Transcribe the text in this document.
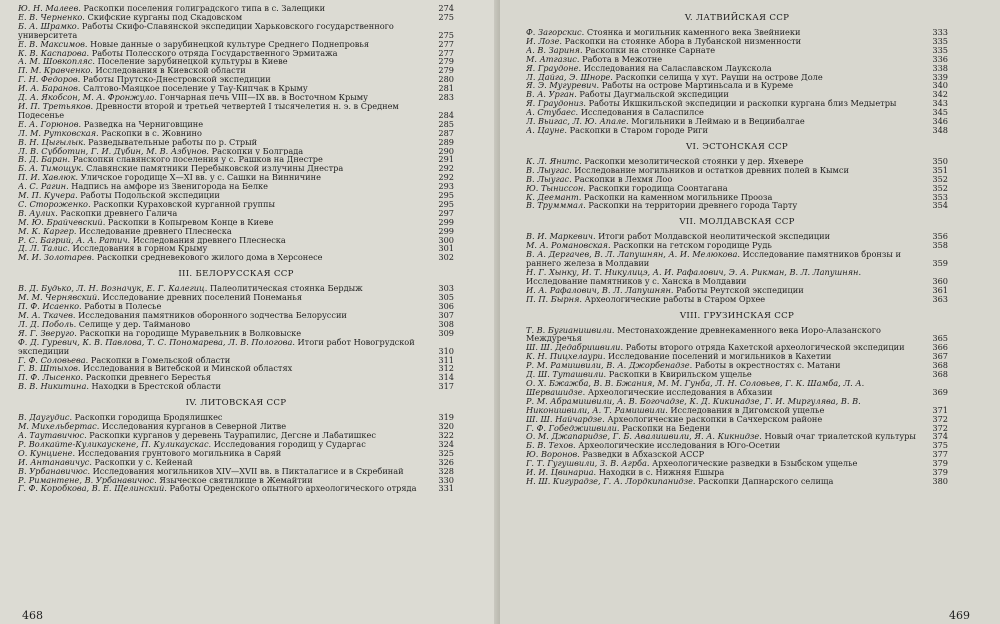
Ю. Н. Малеев. Раскопки поселения голиградского типа в с. Залещики	274
Е. В. Черненко. Скифские курганы под Скадовском	275
Б. А. Шрамко. Работы Скифо-Славянской экспедиции Харьковского государственного университета	275
Е. В. Максимов. Новые данные о зарубинецкой культуре Среднего Поднепровья	277
К. В. Каспарова. Работы Полесского отряда Государственного Эрмитажа	277
А. М. Шовкопляс. Поселение зарубинецкой культуры в Киеве	279
П. М. Кравченко. Исследования в Киевской области	279
Г. Н. Федоров. Работы Прутско-Днестровской экспедиции	280
И. А. Баранов. Салтово-Маяцкое поселение у Тау-Кипчак в Крыму	281
Д. А. Якобсон, М. А. Фронжуло. Гончарная печь VIII—IX вв. в Восточном Крыму	283
И. П. Третьяков. Древности второй и третьей четвертей I тысячелетия н. э. в Среднем Подесенье	284
Е. А. Горюнов. Разведка на Черниговщине	285
Л. М. Рутковская. Раскопки в с. Жовнино	287
В. Н. Цыгылык. Разведывательные работы по р. Стрый	289
Л. В. Субботин, Г. И. Дубин, М. В. Азбунов. Раскопки у Болграда	290
В. Д. Баран. Раскопки славянского поселения у с. Рашков на Днестре	291
Б. А. Тимощук. Славянские памятники Перебыковской излучины Днестра	292
П. И. Хавлюк. Уличское городище X—XI вв. у с. Сашки на Винничине	292
А. С. Рагин. Надпись на амфоре из Звенигорода на Белке	293
М. П. Кучера. Работы Подольской экспедиции	295
С. Стороженко. Раскопки Кураховской курганной группы	295
В. Аулих. Раскопки древнего Галича	297
М. Ю. Брайчевский. Раскопки в Копыревом Конце в Киеве	299
М. К. Каргер. Исследование древнего Плеснеска	299
Р. С. Багрий, А. А. Ратич. Исследования древнего Плеснеска	300
Д. Л. Талис. Исследования в горном Крыму	301
М. И. Золотарев. Раскопки средневекового жилого дома в Херсонесе	302
III. БЕЛОРУССКАЯ ССР
В. Д. Будько, Л. Н. Возначук, Е. Г. Калегиц. Палеолитическая стоянка Бердыж	303
М. М. Чернявский. Исследование древних поселений Понеманья	305
П. Ф. Исаенко. Работы в Полесье	306
М. А. Ткачев. Исследования памятников оборонного зодчества Белоруссии	307
Л. Д. Поболь. Селище у дер. Тайманово	308
Я. Г. Зверуго. Раскопки на городище Муравельник в Волковыске	309
Ф. Д. Гуревич, К. В. Павлова, Т. С. Пономарева, Л. В. Пологова. Итоги работ Новогрудской экспедиции	310
Г. Ф. Соловьева. Раскопки в Гомельской области	311
Г. В. Штыхов. Исследования в Витебской и Минской областях	312
П. Ф. Лысенко. Раскопки древнего Берестья	314
В. В. Никитина. Находки в Брестской области	317
IV. ЛИТОВСКАЯ ССР
В. Даугудис. Раскопки городища Бродялишкес	319
М. Михельбертас. Исследования курганов в Северной Литве	320
А. Таутавичюс. Раскопки курганов у деревень Таурапилис, Дегсне и Лабатишкес	322
Р. Волкайте-Куликаускене, П. Куликаускас. Исследования городищ у Сударгас	324
О. Кунциене. Исследования грунтового могильника в Саряй	325
И. Антанавичус. Раскопки у с. Кейенай	326
В. Урбанавичюс. Исследования могильников XIV—XVII вв. в Пикталагисе и в Скребинай	328
Р. Римантене, В. Урбанавичюс. Языческое святилище в Жемайтии	330
Г. Ф. Коробкова, В. Е. Щелинский. Работы Ореденского опытного археологического отряда	331
468
V. ЛАТВИЙСКАЯ ССР
Ф. Загорскис. Стоянка и могильник каменного века Звейниеки	333
И. Лозе. Раскопки на стоянке Абора в Лубанской низменности	335
А. В. Зариня. Раскопки на стоянке Сарнате	335
М. Атгазис. Работа в Межотне	336
Я. Граудоне. Исследования на Салаславском Лаукскола	338
Л. Дайга, Э. Шноре. Раскопки селища у хут. Рауши на острове Доле	339
Я. Э. Мугуревич. Работы на острове Мартиньсала и в Куреме	340
В. А. Урган. Работы Даугмальской экспедиции	342
Я. Граудониз. Работы Икшкильской экспедиции и раскопки кургана близ Медыетры	343
А. Стубаес. Исследования в Саласпилсе	345
Л. Вьигас, Л. Ю. Апале. Могильники в Леймаю и в Вециибалгае	346
А. Цауне. Раскопки в Старом городе Риги	348
VI. ЭСТОНСКАЯ ССР
К. Л. Янитс. Раскопки мезолитической стоянки у дер. Яхеверe	350
В. Лыугас. Исследование могильников и остатков древних полей в Кымси	351
В. Лыугас. Раскопки в Лехмя Лоо	352
Ю. Тыниссон. Раскопки городища Соонтагана	352
К. Деемант. Раскопки на каменном могильнике Прооза	353
В. Трумммал. Раскопки на территории древнего города Тарту	354
VII. МОЛДАВСКАЯ ССР
В. И. Маркевич. Итоги работ Молдавской неолитической экспедиции	356
М. А. Романовская. Раскопки на гетском городище Рудь	358
В. А. Дергачев, В. Л. Лапушнян, А. И. Мелюкова. Исследование памятников бронзы и раннего железа в Молдавии	359
Н. Г. Хынку, И. Т. Никулицэ, А. И. Рафалович, Э. А. Рикман, В. Л. Лапушнян. Исследование памятников у с. Ханска в Молдавии	360
И. А. Рафалович, В. Л. Лапушнян. Работы Реутской экспедиции	361
П. П. Бырня. Археологические работы в Старом Орхее	363
VIII. ГРУЗИНСКАЯ ССР
Т. В. Бугианишвили. Местонахождение древнекаменного века Иоро-Алазанского Междуречья	365
Ш. Ш. Дедабришвили. Работы второго отряда Кахетской археологической экспедиции	366
К. Н. Пицхелаури. Исследование поселений и могильников в Кахетии	367
Р. М. Рамишвили, В. А. Джорбенадзе. Работы в окрестностях с. Матани	368
Д. Ш. Туташвили. Раскопки в Квирильском ущелье	368
О. Х. Бжажба, В. В. Бжания, М. М. Гунба, Л. Н. Соловьев, Г. К. Шамба, Л. А. Шервашидзе. Археологические исследования в Абхазии	369
Р. М. Абрамишвили, А. В. Богочадзе, К. Д. Кикинадзе, Г. И. Миргулява, В. В. Никонишвили, А. Т. Рамишвили. Исследования в Дигомской ущелье	371
Ш. Ш. Найчардзе. Археологические раскопки в Сачхерском районе	372
Г. Ф. Гобеджишвили. Раскопки на Бедени	372
О. М. Джапаридзе, Г. Б. Авалишвили, Я. А. Кикнидзе. Новый очаг триалетской культуры	374
Б. В. Техов. Археологические исследования в Юго-Осетии	375
Ю. Воронов. Разведки в Абхазской АССР	377
Г. Т. Гугушвили, З. В. Агрба. Археологические разведки в Бзыбском ущелье	379
И. И. Цвинариа. Находки в с. Нижняя Ешыра	379
Н. Ш. Кигурадзе, Г. А. Лордкипанидзе. Раскопки Дапнарского селища	380
469
